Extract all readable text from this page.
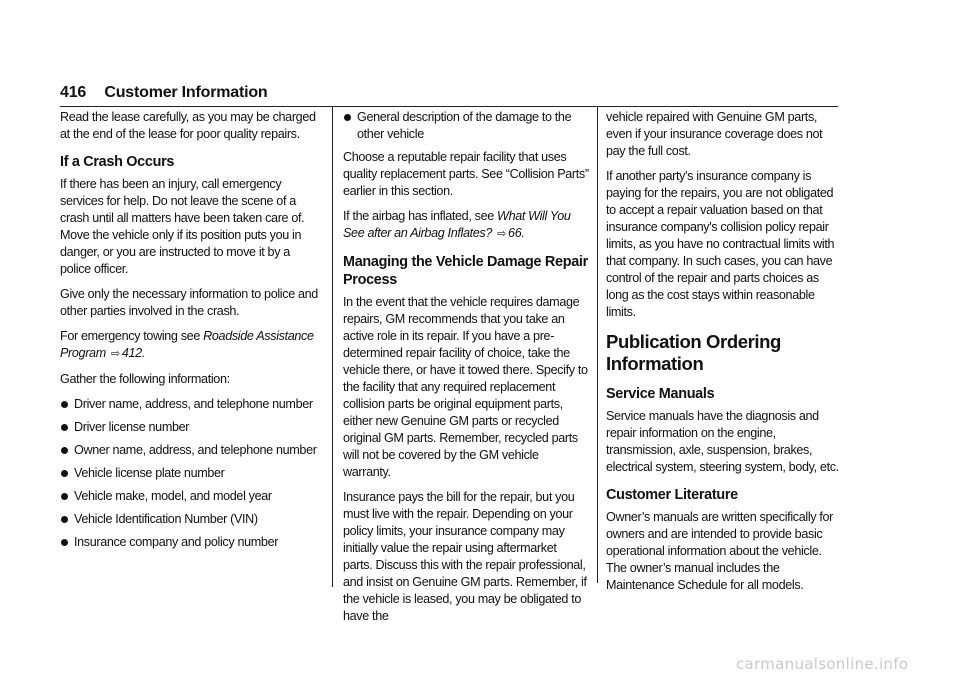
416 Customer Information

Read the lease carefully, as you may be charged at the end of the lease for poor quality repairs.

If a Crash Occurs

If there has been an injury, call emergency services for help. Do not leave the scene of a crash until all matters have been taken care of. Move the vehicle only if its position puts you in danger, or you are instructed to move it by a police officer.

Give only the necessary information to police and other parties involved in the crash.

For emergency towing see Roadside Assistance Program ⇨ 412.

Gather the following information:

Driver name, address, and telephone number
Driver license number
Owner name, address, and telephone number
Vehicle license plate number
Vehicle make, model, and model year
Vehicle Identification Number (VIN)
Insurance company and policy number
General description of the damage to the other vehicle

Choose a reputable repair facility that uses quality replacement parts. See “Collision Parts” earlier in this section.

If the airbag has inflated, see What Will You See after an Airbag Inflates? ⇨ 66.

Managing the Vehicle Damage Repair Process

In the event that the vehicle requires damage repairs, GM recommends that you take an active role in its repair. If you have a pre-determined repair facility of choice, take the vehicle there, or have it towed there. Specify to the facility that any required replacement collision parts be original equipment parts, either new Genuine GM parts or recycled original GM parts. Remember, recycled parts will not be covered by the GM vehicle warranty.

Insurance pays the bill for the repair, but you must live with the repair. Depending on your policy limits, your insurance company may initially value the repair using aftermarket parts. Discuss this with the repair professional, and insist on Genuine GM parts. Remember, if the vehicle is leased, you may be obligated to have the

vehicle repaired with Genuine GM parts, even if your insurance coverage does not pay the full cost.

If another party's insurance company is paying for the repairs, you are not obligated to accept a repair valuation based on that insurance company's collision policy repair limits, as you have no contractual limits with that company. In such cases, you can have control of the repair and parts choices as long as the cost stays within reasonable limits.

Publication Ordering Information
Service Manuals

Service manuals have the diagnosis and repair information on the engine, transmission, axle, suspension, brakes, electrical system, steering system, body, etc.

Customer Literature

Owner’s manuals are written specifically for owners and are intended to provide basic operational information about the vehicle. The owner’s manual includes the Maintenance Schedule for all models.

carmanualsonline.info
